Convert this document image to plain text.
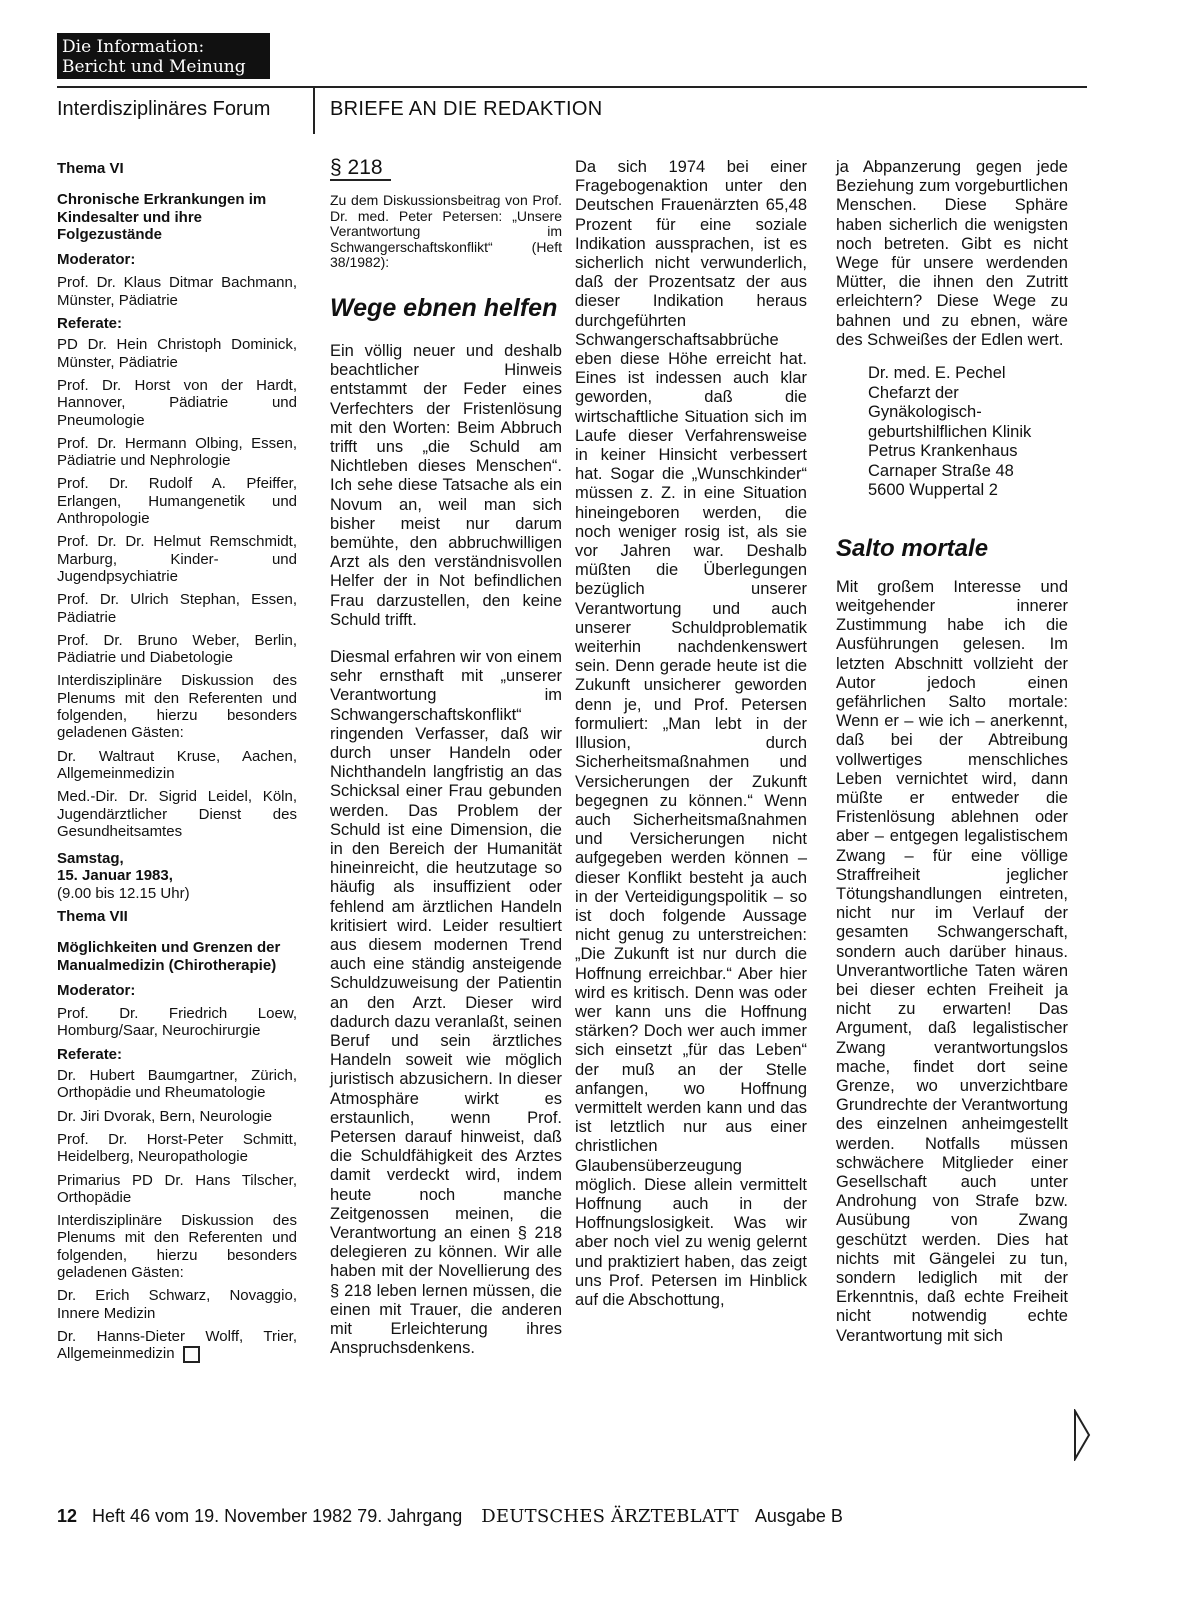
Die Information:
Bericht und Meinung
Interdisziplinäres Forum	BRIEFE AN DIE REDAKTION

Thema VI

Chronische Erkrankungen im Kindesalter und ihre Folgezustände

Moderator:

Prof. Dr. Klaus Ditmar Bachmann, Münster, Pädiatrie

Referate:

PD Dr. Hein Christoph Dominick, Münster, Pädiatrie

Prof. Dr. Horst von der Hardt, Hannover, Pädiatrie und Pneumologie

Prof. Dr. Hermann Olbing, Essen, Pädiatrie und Nephrologie

Prof. Dr. Rudolf A. Pfeiffer, Erlangen, Humangenetik und Anthropologie

Prof. Dr. Dr. Helmut Remschmidt, Marburg, Kinder- und Jugendpsychiatrie

Prof. Dr. Ulrich Stephan, Essen, Pädiatrie

Prof. Dr. Bruno Weber, Berlin, Pädiatrie und Diabetologie

Interdisziplinäre Diskussion des Plenums mit den Referenten und folgenden, hierzu besonders geladenen Gästen:

Dr. Waltraut Kruse, Aachen, Allgemeinmedizin

Med.-Dir. Dr. Sigrid Leidel, Köln, Jugendärztlicher Dienst des Gesundheitsamtes

Samstag,
15. Januar 1983,

(9.00 bis 12.15 Uhr)

Thema VII

Möglichkeiten und Grenzen der Manualmedizin (Chirotherapie)

Moderator:

Prof. Dr. Friedrich Loew, Homburg/Saar, Neurochirurgie

Referate:

Dr. Hubert Baumgartner, Zürich, Orthopädie und Rheumatologie

Dr. Jiri Dvorak, Bern, Neurologie

Prof. Dr. Horst-Peter Schmitt, Heidelberg, Neuropathologie

Primarius PD Dr. Hans Tilscher, Orthopädie

Interdisziplinäre Diskussion des Plenums mit den Referenten und folgenden, hierzu besonders geladenen Gästen:

Dr. Erich Schwarz, Novaggio, Innere Medizin

Dr. Hanns-Dieter Wolff, Trier, Allgemeinmedizin

§ 218

Zu dem Diskussionsbeitrag von Prof. Dr. med. Peter Petersen: „Unsere Verantwortung im Schwangerschaftskonflikt“ (Heft 38/1982):

Wege ebnen helfen

Ein völlig neuer und deshalb beachtlicher Hinweis entstammt der Feder eines Verfechters der Fristenlösung mit den Worten: Beim Abbruch trifft uns „die Schuld am Nichtleben dieses Menschen“. Ich sehe diese Tatsache als ein Novum an, weil man sich bisher meist nur darum bemühte, den abbruchwilligen Arzt als den verständnisvollen Helfer der in Not befindlichen Frau darzustellen, den keine Schuld trifft.

Diesmal erfahren wir von einem sehr ernsthaft mit „unserer Verantwortung im Schwangerschaftskonflikt“ ringenden Verfasser, daß wir durch unser Handeln oder Nichthandeln langfristig an das Schicksal einer Frau gebunden werden. Das Problem der Schuld ist eine Dimension, die in den Bereich der Humanität hineinreicht, die heutzutage so häufig als insuffizient oder fehlend am ärztlichen Handeln kritisiert wird. Leider resultiert aus diesem modernen Trend auch eine ständig ansteigende Schuldzuweisung der Patientin an den Arzt. Dieser wird dadurch dazu veranlaßt, seinen Beruf und sein ärztliches Handeln soweit wie möglich juristisch abzusichern. In dieser Atmosphäre wirkt es erstaunlich, wenn Prof. Petersen darauf hinweist, daß die Schuldfähigkeit des Arztes damit verdeckt wird, indem heute noch manche Zeitgenossen meinen, die Verantwortung an einen § 218 delegieren zu können. Wir alle haben mit der Novellierung des § 218 leben lernen müssen, die einen mit Trauer, die anderen mit Erleichterung ihres Anspruchsdenkens.

Da sich 1974 bei einer Fragebogenaktion unter den Deutschen Frauenärzten 65,48 Prozent für eine soziale Indikation aussprachen, ist es sicherlich nicht verwunderlich, daß der Prozentsatz der aus dieser Indikation heraus durchgeführten Schwangerschaftsabbrüche eben diese Höhe erreicht hat. Eines ist indessen auch klar geworden, daß die wirtschaftliche Situation sich im Laufe dieser Verfahrensweise in keiner Hinsicht verbessert hat. Sogar die „Wunschkinder“ müssen z. Z. in eine Situation hineingeboren werden, die noch weniger rosig ist, als sie vor Jahren war. Deshalb müßten die Überlegungen bezüglich unserer Verantwortung und auch unserer Schuldproblematik weiterhin nachdenkenswert sein. Denn gerade heute ist die Zukunft unsicherer geworden denn je, und Prof. Petersen formuliert: „Man lebt in der Illusion, durch Sicherheitsmaßnahmen und Versicherungen der Zukunft begegnen zu können.“ Wenn auch Sicherheitsmaßnahmen und Versicherungen nicht aufgegeben werden können – dieser Konflikt besteht ja auch in der Verteidigungspolitik – so ist doch folgende Aussage nicht genug zu unterstreichen: „Die Zukunft ist nur durch die Hoffnung erreichbar.“ Aber hier wird es kritisch. Denn was oder wer kann uns die Hoffnung stärken? Doch wer auch immer sich einsetzt „für das Leben“ der muß an der Stelle anfangen, wo Hoffnung vermittelt werden kann und das ist letztlich nur aus einer christlichen Glaubensüberzeugung möglich. Diese allein vermittelt Hoffnung auch in der Hoffnungslosigkeit. Was wir aber noch viel zu wenig gelernt und praktiziert haben, das zeigt uns Prof. Petersen im Hinblick auf die Abschottung,

ja Abpanzerung gegen jede Beziehung zum vorgeburtlichen Menschen. Diese Sphäre haben sicherlich die wenigsten noch betreten. Gibt es nicht Wege für unsere werdenden Mütter, die ihnen den Zutritt erleichtern? Diese Wege zu bahnen und zu ebnen, wäre des Schweißes der Edlen wert.

Dr. med. E. Pechel
Chefarzt der
Gynäkologisch-
geburtshilflichen Klinik
Petrus Krankenhaus
Carnaper Straße 48
5600 Wuppertal 2

Salto mortale

Mit großem Interesse und weitgehender innerer Zustimmung habe ich die Ausführungen gelesen. Im letzten Abschnitt vollzieht der Autor jedoch einen gefährlichen Salto mortale: Wenn er – wie ich – anerkennt, daß bei der Abtreibung vollwertiges menschliches Leben vernichtet wird, dann müßte er entweder die Fristenlösung ablehnen oder aber – entgegen legalistischem Zwang – für eine völlige Straffreiheit jeglicher Tötungshandlungen eintreten, nicht nur im Verlauf der gesamten Schwangerschaft, sondern auch darüber hinaus. Unverantwortliche Taten wären bei dieser echten Freiheit ja nicht zu erwarten! Das Argument, daß legalistischer Zwang verantwortungslos mache, findet dort seine Grenze, wo unverzichtbare Grundrechte der Verantwortung des einzelnen anheimgestellt werden. Notfalls müssen schwächere Mitglieder einer Gesellschaft auch unter Androhung von Strafe bzw. Ausübung von Zwang geschützt werden. Dies hat nichts mit Gängelei zu tun, sondern lediglich mit der Erkenntnis, daß echte Freiheit nicht notwendig echte Verantwortung mit sich

12 Heft 46 vom 19. November 1982 79. Jahrgang DEUTSCHES ÄRZTEBLATT Ausgabe B
